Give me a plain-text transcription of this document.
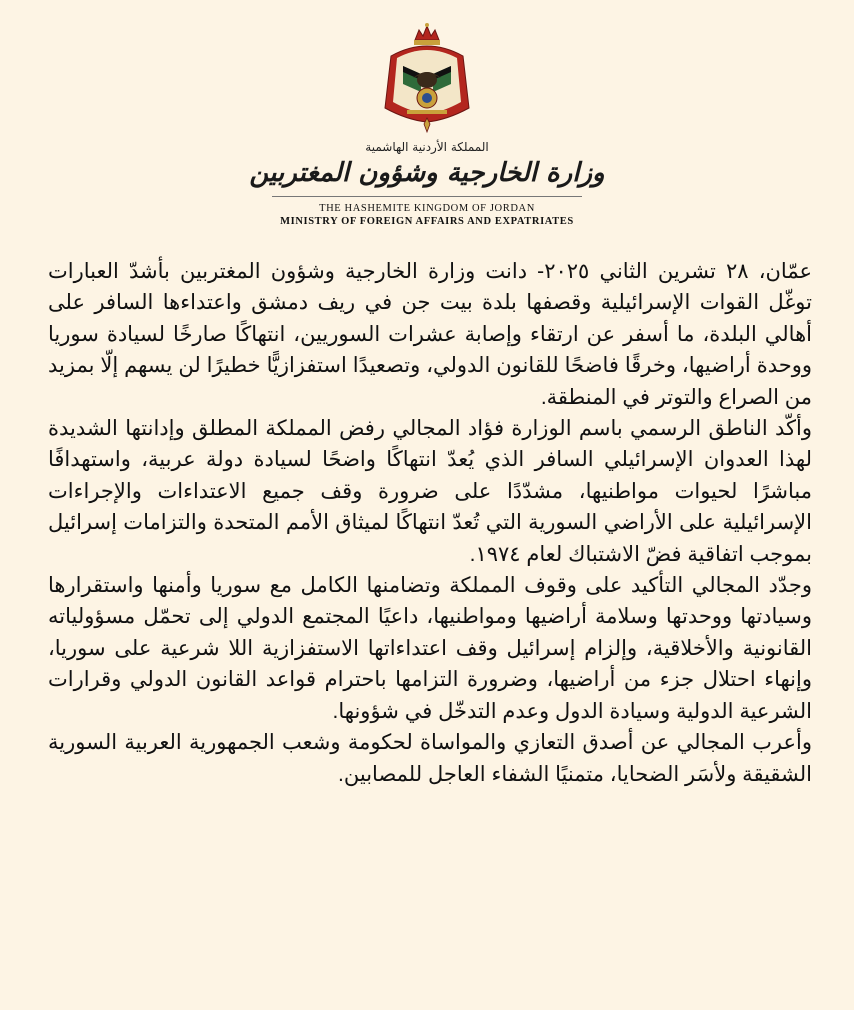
المملكة الأردنية الهاشمية
وزارة الخارجية وشؤون المغتربين
THE HASHEMITE KINGDOM OF JORDAN
MINISTRY OF FOREIGN AFFAIRS AND EXPATRIATES

عمّان، ٢٨ تشرين الثاني ٢٠٢٥- دانت وزارة الخارجية وشؤون المغتربين بأشدّ العبارات توغّل القوات الإسرائيلية وقصفها بلدة بيت جن في ريف دمشق واعتداءها السافر على أهالي البلدة، ما أسفر عن ارتقاء وإصابة عشرات السوريين، انتهاكًا صارخًا لسيادة سوريا ووحدة أراضيها، وخرقًا فاضحًا للقانون الدولي، وتصعيدًا استفزازيًّا خطيرًا لن يسهم إلّا بمزيد من الصراع والتوتر في المنطقة.

وأكّد الناطق الرسمي باسم الوزارة فؤاد المجالي رفض المملكة المطلق وإدانتها الشديدة لهذا العدوان الإسرائيلي السافر الذي يُعدّ انتهاكًا واضحًا لسيادة دولة عربية، واستهدافًا مباشرًا لحيوات مواطنيها، مشدّدًا على ضرورة وقف جميع الاعتداءات والإجراءات الإسرائيلية على الأراضي السورية التي تُعدّ انتهاكًا لميثاق الأمم المتحدة والتزامات إسرائيل بموجب اتفاقية فضّ الاشتباك لعام ١٩٧٤.

وجدّد المجالي التأكيد على وقوف المملكة وتضامنها الكامل مع سوريا وأمنها واستقرارها وسيادتها ووحدتها وسلامة أراضيها ومواطنيها، داعيًا المجتمع الدولي إلى تحمّل مسؤولياته القانونية والأخلاقية، وإلزام إسرائيل وقف اعتداءاتها الاستفزازية اللا شرعية على سوريا، وإنهاء احتلال جزء من أراضيها، وضرورة التزامها باحترام قواعد القانون الدولي وقرارات الشرعية الدولية وسيادة الدول وعدم التدخّل في شؤونها.

وأعرب المجالي عن أصدق التعازي والمواساة لحكومة وشعب الجمهورية العربية السورية الشقيقة ولأسَر الضحايا، متمنيًا الشفاء العاجل للمصابين.
